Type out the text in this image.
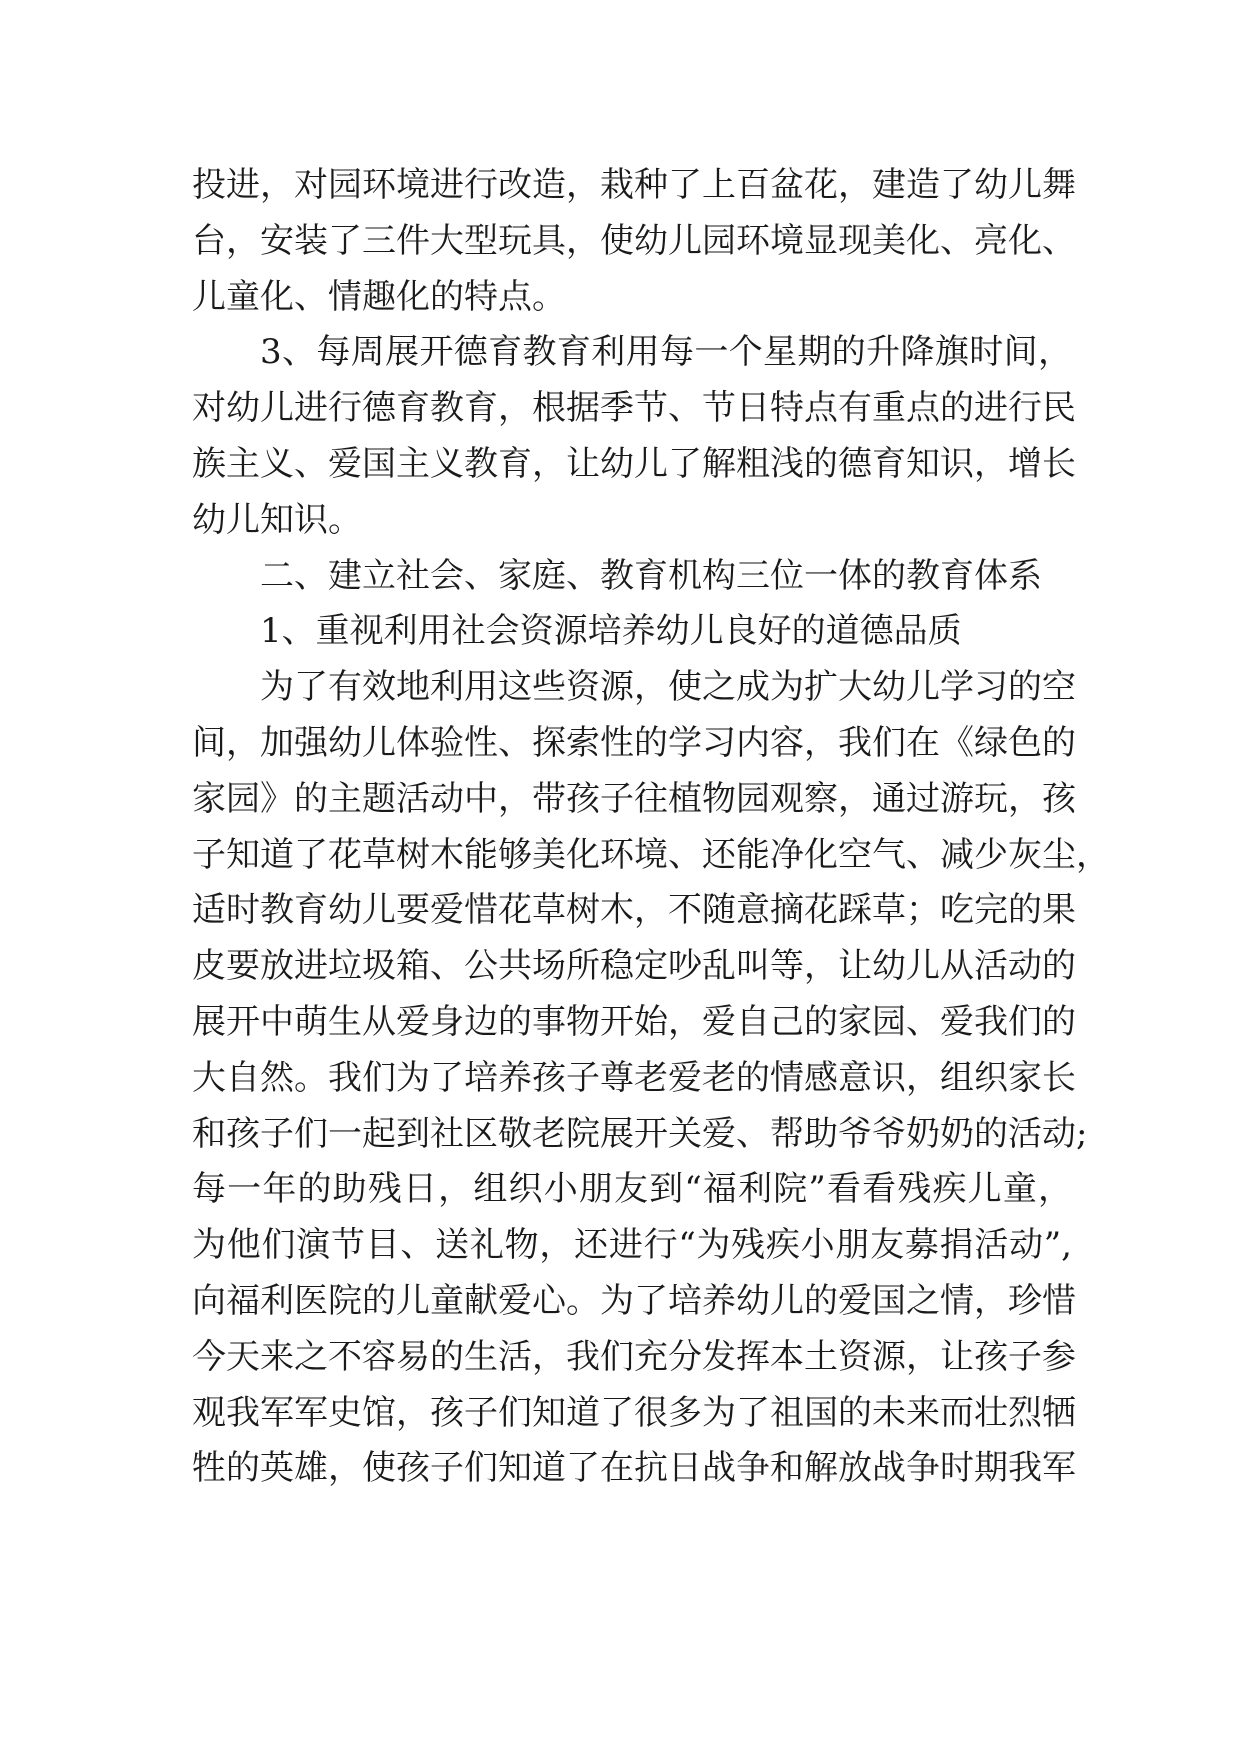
投进，对园环境进行改造，栽种了上百盆花，建造了幼儿舞
台，安装了三件大型玩具，使幼儿园环境显现美化、亮化、
儿童化、情趣化的特点。
3、每周展开德育教育利用每一个星期的升降旗时间，
对幼儿进行德育教育，根据季节、节日特点有重点的进行民
族主义、爱国主义教育，让幼儿了解粗浅的德育知识，增长
幼儿知识。
二、建立社会、家庭、教育机构三位一体的教育体系
1、重视利用社会资源培养幼儿良好的道德品质
为了有效地利用这些资源，使之成为扩大幼儿学习的空
间，加强幼儿体验性、探索性的学习内容，我们在《绿色的
家园》的主题活动中，带孩子往植物园观察，通过游玩，孩
子知道了花草树木能够美化环境、还能净化空气、减少灰尘，
适时教育幼儿要爱惜花草树木，不随意摘花踩草；吃完的果
皮要放进垃圾箱、公共场所稳定吵乱叫等，让幼儿从活动的
展开中萌生从爱身边的事物开始，爱自己的家园、爱我们的
大自然。我们为了培养孩子尊老爱老的情感意识，组织家长
和孩子们一起到社区敬老院展开关爱、帮助爷爷奶奶的活动;
每一年的助残日，组织小朋友到“福利院”看看残疾儿童，
为他们演节目、送礼物，还进行“为残疾小朋友募捐活动”,
向福利医院的儿童献爱心。为了培养幼儿的爱国之情，珍惜
今天来之不容易的生活，我们充分发挥本土资源，让孩子参
观我军军史馆，孩子们知道了很多为了祖国的未来而壮烈牺
牲的英雄，使孩子们知道了在抗日战争和解放战争时期我军
